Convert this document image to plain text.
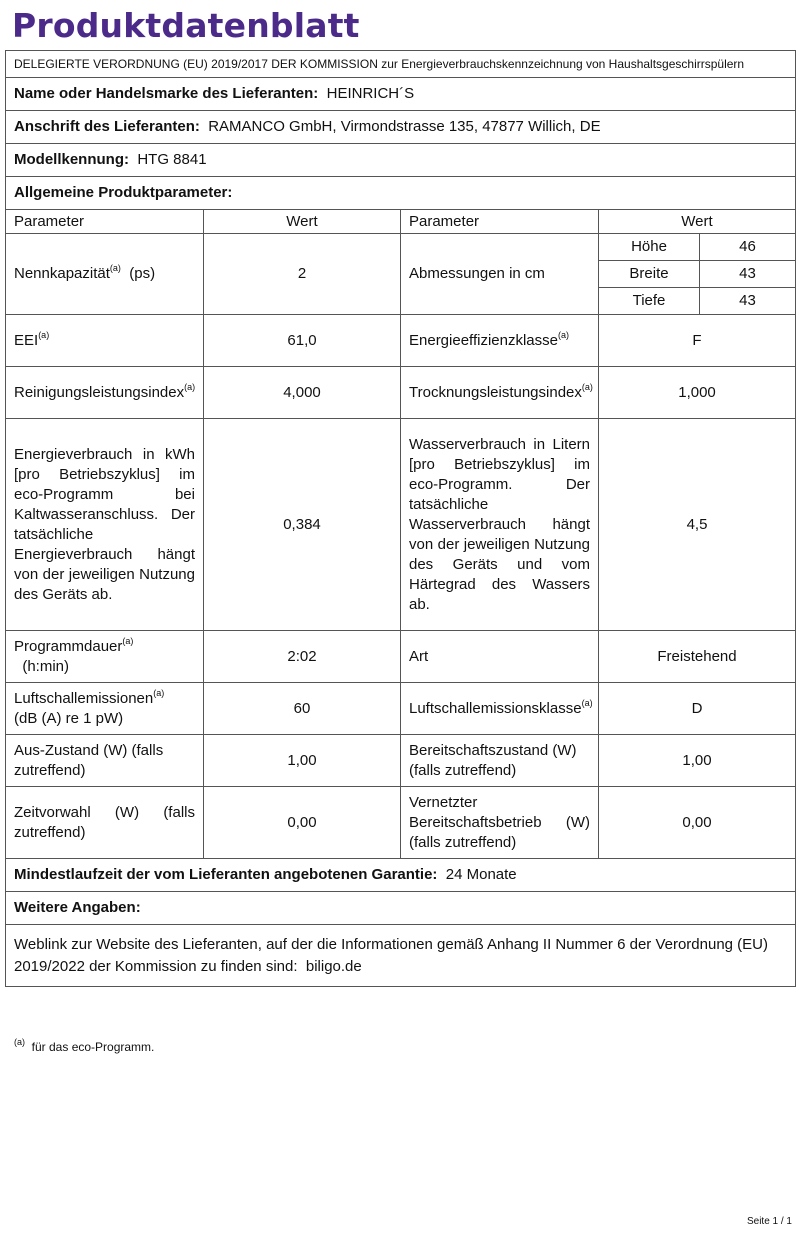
Produktdatenblatt
DELEGIERTE VERORDNUNG (EU) 2019/2017 DER KOMMISSION zur Energieverbrauchskennzeichnung von Haushaltsgeschirrspülern
Name oder Handelsmarke des Lieferanten: HEINRICH´S
Anschrift des Lieferanten: RAMANCO GmbH, Virmondstrasse 135, 47877 Willich, DE
Modellkennung: HTG 8841
Allgemeine Produktparameter:
Parameter	Wert	Parameter	Wert
Nennkapazität$^{(a)}$ (ps)	2	Abmessungen in cm	
Höhe	46
Breite	43
Tiefe	43

EEI$^{(a)}$	61,0	Energieeffizienzklasse$^{(a)}$	F
Reinigungsleistungsindex$^{(a)}$	4,000	Trocknungsleistungsindex$^{(a)}$	1,000
Energieverbrauch in kWh [pro Betriebszyklus] im eco-Programm bei Kaltwasseranschluss. Der tatsächliche Energieverbrauch hängt von der jeweiligen Nutzung des Geräts ab.	0,384	Wasserverbrauch in Litern [pro Betriebszyklus] im eco-Programm. Der tatsächliche Wasserverbrauch hängt von der jeweiligen Nutzung des Geräts und vom Härtegrad des Wassers ab.	4,5
Programmdauer$^{(a)}$
(h:min)	2:02	Art	Freistehend
Luftschallemissionen$^{(a)}$  (dB (A) re 1 pW)	60	Luftschallemissionsklasse$^{(a)}$	D
Aus-Zustand (W) (falls zutreffend)	1,00	Bereitschaftszustand (W) (falls zutreffend)	1,00
Zeitvorwahl (W) (falls zutreffend)	0,00	Vernetzter Bereitschaftsbetrieb (W) (falls zutreffend)	0,00
Mindestlaufzeit der vom Lieferanten angebotenen Garantie: 24 Monate
Weitere Angaben:
Weblink zur Website des Lieferanten, auf der die Informationen gemäß Anhang II Nummer 6 der Verordnung (EU) 2019/2022 der Kommission zu finden sind: biligo.de

$^{(a)}$ für das eco-Programm.

Seite 1 / 1
